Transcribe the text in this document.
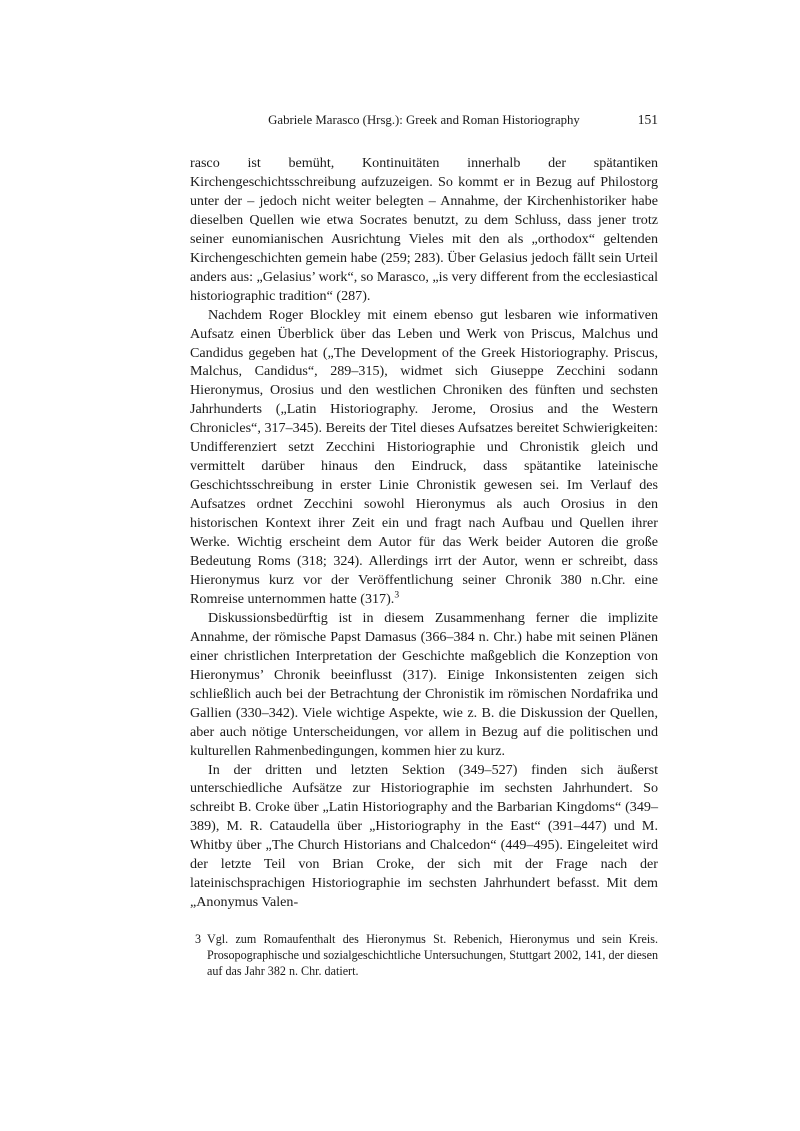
Gabriele Marasco (Hrsg.): Greek and Roman Historiography	151

rasco ist bemüht, Kontinuitäten innerhalb der spätantiken Kirchengeschichtsschreibung aufzuzeigen. So kommt er in Bezug auf Philostorg unter der – jedoch nicht weiter belegten – Annahme, der Kirchenhistoriker habe dieselben Quellen wie etwa Socrates benutzt, zu dem Schluss, dass jener trotz seiner eunomianischen Ausrichtung Vieles mit den als „orthodox“ geltenden Kirchengeschichten gemein habe (259; 283). Über Gelasius jedoch fällt sein Urteil anders aus: „Gelasius’ work“, so Marasco, „is very different from the ecclesiastical historiographic tradition“ (287).

Nachdem Roger Blockley mit einem ebenso gut lesbaren wie informativen Aufsatz einen Überblick über das Leben und Werk von Priscus, Malchus und Candidus gegeben hat („The Development of the Greek Historiography. Priscus, Malchus, Candidus“, 289–315), widmet sich Giuseppe Zecchini sodann Hieronymus, Orosius und den westlichen Chroniken des fünften und sechsten Jahrhunderts („Latin Historiography. Jerome, Orosius and the Western Chronicles“, 317–345). Bereits der Titel dieses Aufsatzes bereitet Schwierigkeiten: Undifferenziert setzt Zecchini Historiographie und Chronistik gleich und vermittelt darüber hinaus den Eindruck, dass spätantike lateinische Geschichtsschreibung in erster Linie Chronistik gewesen sei. Im Verlauf des Aufsatzes ordnet Zecchini sowohl Hieronymus als auch Orosius in den historischen Kontext ihrer Zeit ein und fragt nach Aufbau und Quellen ihrer Werke. Wichtig erscheint dem Autor für das Werk beider Autoren die große Bedeutung Roms (318; 324). Allerdings irrt der Autor, wenn er schreibt, dass Hieronymus kurz vor der Veröffentlichung seiner Chronik 380 n.Chr. eine Romreise unternommen hatte (317).$^3$

Diskussionsbedürftig ist in diesem Zusammenhang ferner die implizite Annahme, der römische Papst Damasus (366–384 n. Chr.) habe mit seinen Plänen einer christlichen Interpretation der Geschichte maßgeblich die Konzeption von Hieronymus’ Chronik beeinflusst (317). Einige Inkonsistenten zeigen sich schließlich auch bei der Betrachtung der Chronistik im römischen Nordafrika und Gallien (330–342). Viele wichtige Aspekte, wie z. B. die Diskussion der Quellen, aber auch nötige Unterscheidungen, vor allem in Bezug auf die politischen und kulturellen Rahmenbedingungen, kommen hier zu kurz.

In der dritten und letzten Sektion (349–527) finden sich äußerst unterschiedliche Aufsätze zur Historiographie im sechsten Jahrhundert. So schreibt B. Croke über „Latin Historiography and the Barbarian Kingdoms“ (349–389), M. R. Cataudella über „Historiography in the East“ (391–447) und M. Whitby über „The Church Historians and Chalcedon“ (449–495). Eingeleitet wird der letzte Teil von Brian Croke, der sich mit der Frage nach der lateinischsprachigen Historiographie im sechsten Jahrhundert befasst. Mit dem „Anonymus Valen-

3 Vgl. zum Romaufenthalt des Hieronymus St. Rebenich, Hieronymus und sein Kreis. Prosopographische und sozialgeschichtliche Untersuchungen, Stuttgart 2002, 141, der diesen auf das Jahr 382 n. Chr. datiert.
